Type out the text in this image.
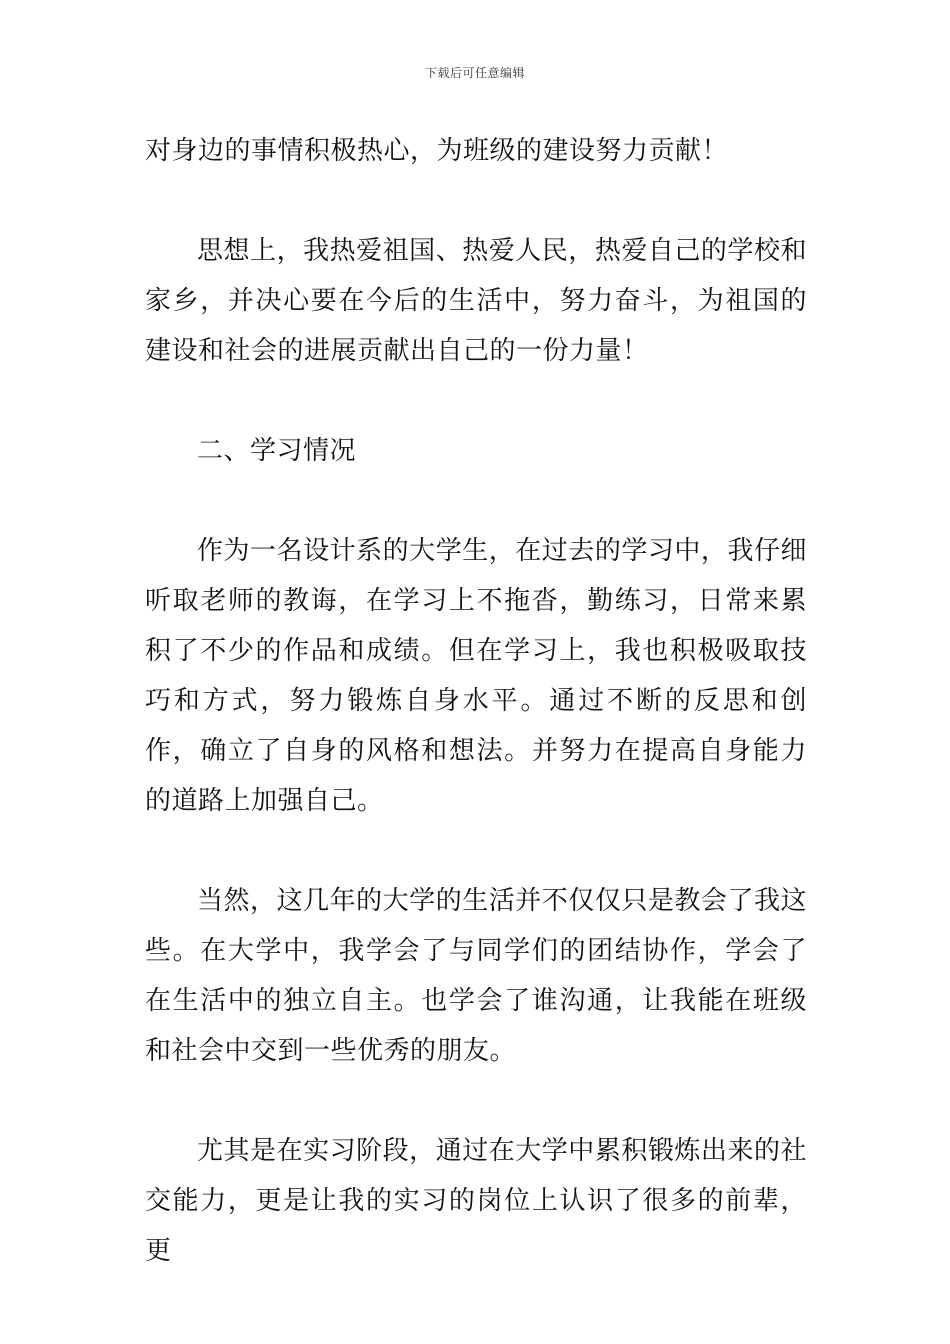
下载后可任意编辑

对身边的事情积极热心，为班级的建设努力贡献！

思想上，我热爱祖国、热爱人民，热爱自己的学校和家乡，并决心要在今后的生活中，努力奋斗，为祖国的建设和社会的进展贡献出自己的一份力量！

二、学习情况

作为一名设计系的大学生，在过去的学习中，我仔细听取老师的教诲，在学习上不拖沓，勤练习，日常来累积了不少的作品和成绩。但在学习上，我也积极吸取技巧和方式，努力锻炼自身水平。通过不断的反思和创作，确立了自身的风格和想法。并努力在提高自身能力的道路上加强自己。

当然，这几年的大学的生活并不仅仅只是教会了我这些。在大学中，我学会了与同学们的团结协作，学会了在生活中的独立自主。也学会了谁沟通，让我能在班级和社会中交到一些优秀的朋友。

尤其是在实习阶段，通过在大学中累积锻炼出来的社交能力，更是让我的实习的岗位上认识了很多的前辈，更
